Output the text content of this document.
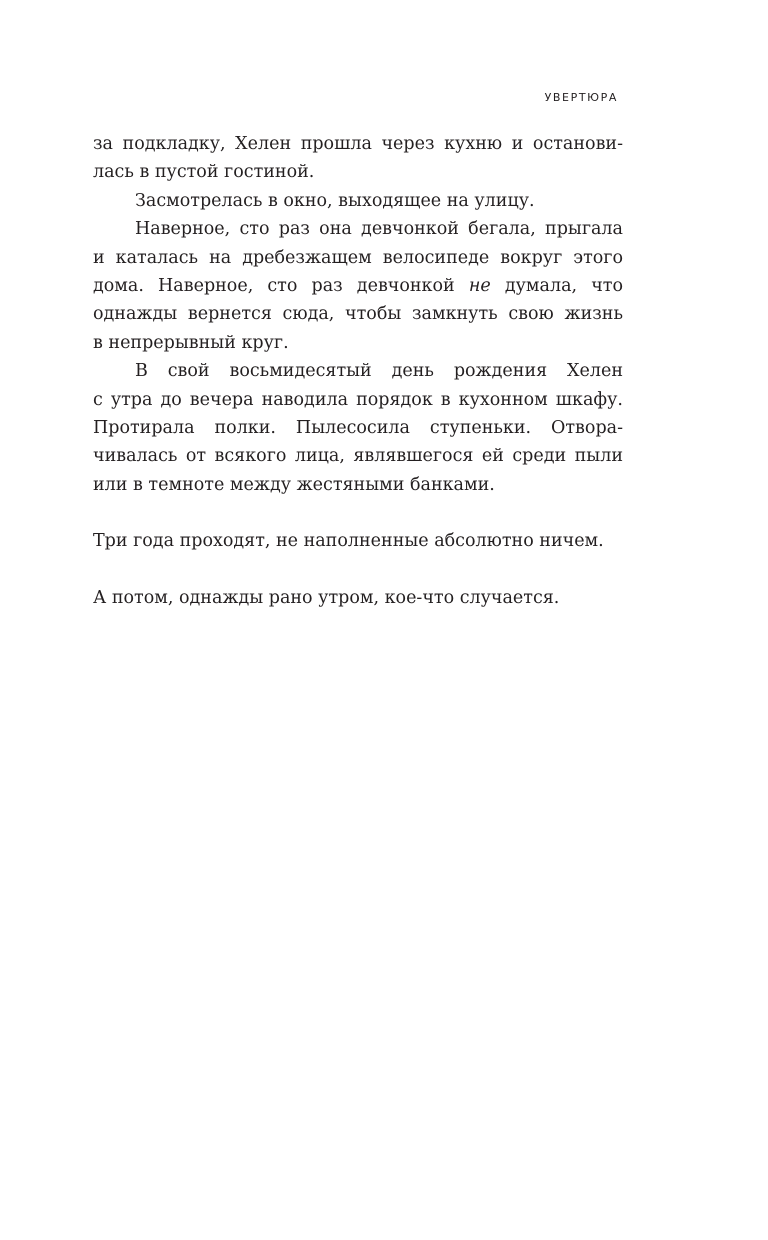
УВЕРТЮРА
за подкладку, Хелен прошла через кухню и останови-
лась в пустой гостиной.
Засмотрелась в окно, выходящее на улицу.
Наверное, сто раз она девчонкой бегала, прыгала
и каталась на дребезжащем велосипеде вокруг этого
дома. Наверное, сто раз девчонкой не думала, что
однажды вернется сюда, чтобы замкнуть свою жизнь
в непрерывный круг.
В свой восьмидесятый день рождения Хелен
с утра до вечера наводила порядок в кухонном шкафу.
Протирала полки. Пылесосила ступеньки. Отвора-
чивалась от всякого лица, являвшегося ей среди пыли
или в темноте между жестяными банками.
Три года проходят, не наполненные абсолютно ничем.
А потом, однажды рано утром, кое-что случается.
